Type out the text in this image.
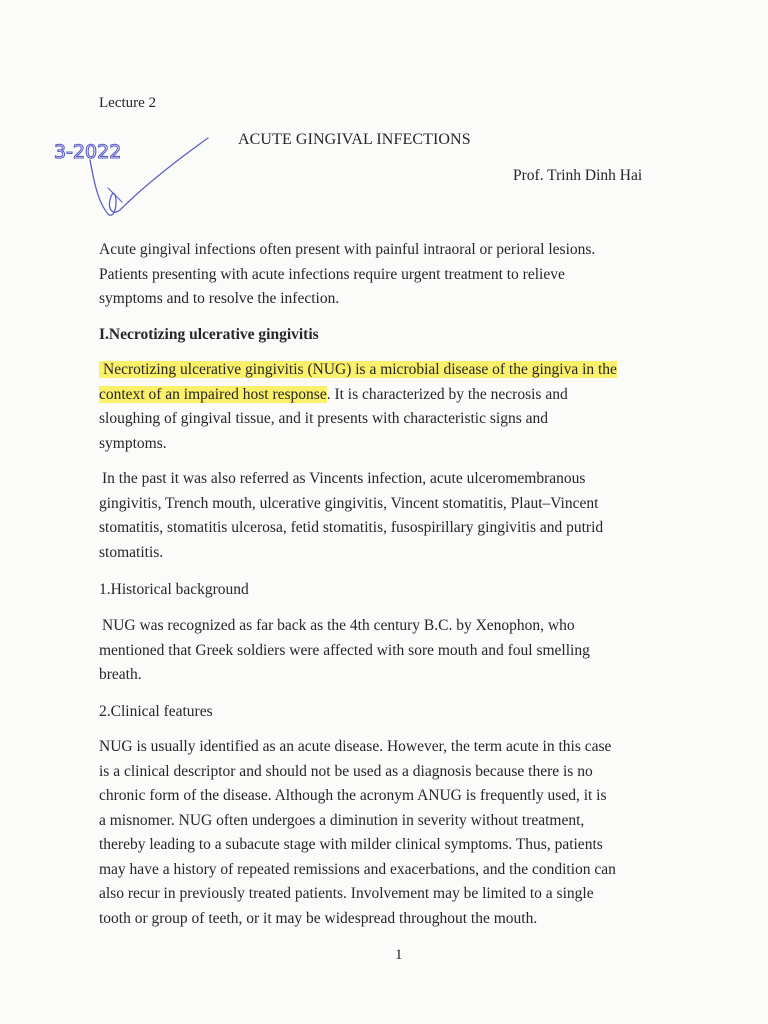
Lecture 2

3-2022

ACUTE GINGIVAL INFECTIONS

Prof. Trinh Dinh Hai

Acute gingival infections often present with painful intraoral or perioral lesions.
Patients presenting with acute infections require urgent treatment to relieve
symptoms and to resolve the infection.
I.Necrotizing ulcerative gingivitis
Necrotizing ulcerative gingivitis (NUG) is a microbial disease of the gingiva in the
context of an impaired host response. It is characterized by the necrosis and
sloughing of gingival tissue, and it presents with characteristic signs and
symptoms.
In the past it was also referred as Vincents infection, acute ulceromembranous
gingivitis, Trench mouth, ulcerative gingivitis, Vincent stomatitis, Plaut–Vincent
stomatitis, stomatitis ulcerosa, fetid stomatitis, fusospirillary gingivitis and putrid
stomatitis.
1.Historical background
NUG was recognized as far back as the 4th century B.C. by Xenophon, who
mentioned that Greek soldiers were affected with sore mouth and foul smelling
breath.
2.Clinical features
NUG is usually identified as an acute disease. However, the term acute in this case
is a clinical descriptor and should not be used as a diagnosis because there is no
chronic form of the disease. Although the acronym ANUG is frequently used, it is
a misnomer. NUG often undergoes a diminution in severity without treatment,
thereby leading to a subacute stage with milder clinical symptoms. Thus, patients
may have a history of repeated remissions and exacerbations, and the condition can
also recur in previously treated patients. Involvement may be limited to a single
tooth or group of teeth, or it may be widespread throughout the mouth.

1
